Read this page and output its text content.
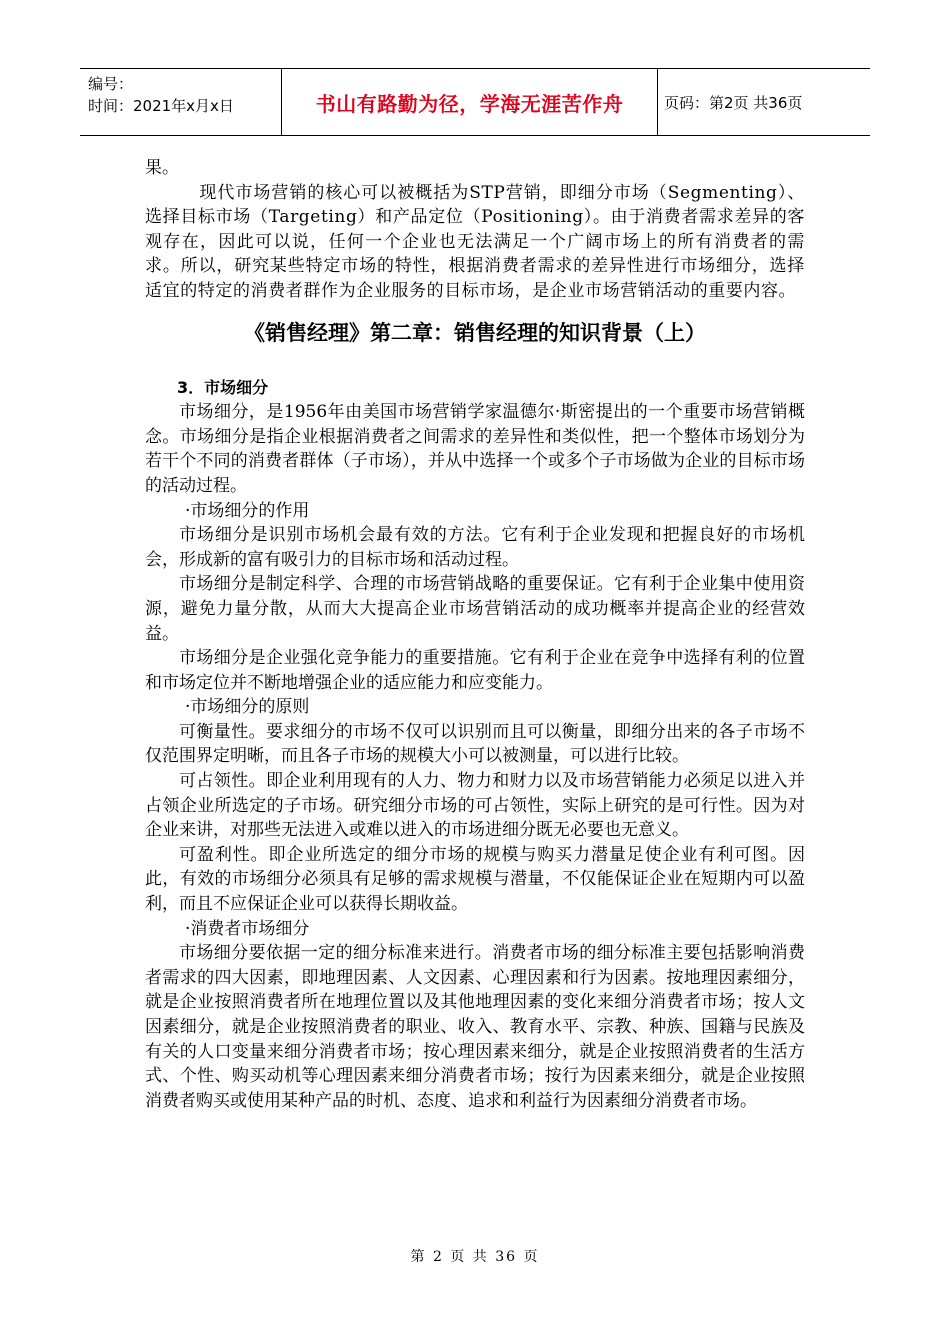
编号：
时间：2021年x月x日	书山有路勤为径，学海无涯苦作舟	页码：第2页 共36页

果。

现代市场营销的核心可以被概括为STP营销，即细分市场（Segmenting）、选择目标市场（Targeting）和产品定位（Positioning）。由于消费者需求差异的客观存在，因此可以说，任何一个企业也无法满足一个广阔市场上的所有消费者的需求。所以，研究某些特定市场的特性，根据消费者需求的差异性进行市场细分，选择适宜的特定的消费者群作为企业服务的目标市场，是企业市场营销活动的重要内容。

《销售经理》第二章：销售经理的知识背景（上）

3．市场细分

市场细分，是1956年由美国市场营销学家温德尔·斯密提出的一个重要市场营销概念。市场细分是指企业根据消费者之间需求的差异性和类似性，把一个整体市场划分为若干个不同的消费者群体（子市场），并从中选择一个或多个子市场做为企业的目标市场的活动过程。

·市场细分的作用

市场细分是识别市场机会最有效的方法。它有利于企业发现和把握良好的市场机会，形成新的富有吸引力的目标市场和活动过程。

市场细分是制定科学、合理的市场营销战略的重要保证。它有利于企业集中使用资源，避免力量分散，从而大大提高企业市场营销活动的成功概率并提高企业的经营效益。

市场细分是企业强化竞争能力的重要措施。它有利于企业在竞争中选择有利的位置和市场定位并不断地增强企业的适应能力和应变能力。

·市场细分的原则

可衡量性。要求细分的市场不仅可以识别而且可以衡量，即细分出来的各子市场不仅范围界定明晰，而且各子市场的规模大小可以被测量，可以进行比较。

可占领性。即企业利用现有的人力、物力和财力以及市场营销能力必须足以进入并占领企业所选定的子市场。研究细分市场的可占领性，实际上研究的是可行性。因为对企业来讲，对那些无法进入或难以进入的市场进细分既无必要也无意义。

可盈利性。即企业所选定的细分市场的规模与购买力潜量足使企业有利可图。因此，有效的市场细分必须具有足够的需求规模与潜量，不仅能保证企业在短期内可以盈利，而且不应保证企业可以获得长期收益。

·消费者市场细分

市场细分要依据一定的细分标准来进行。消费者市场的细分标准主要包括影响消费者需求的四大因素，即地理因素、人文因素、心理因素和行为因素。按地理因素细分，就是企业按照消费者所在地理位置以及其他地理因素的变化来细分消费者市场；按人文因素细分，就是企业按照消费者的职业、收入、教育水平、宗教、种族、国籍与民族及有关的人口变量来细分消费者市场；按心理因素来细分，就是企业按照消费者的生活方式、个性、购买动机等心理因素来细分消费者市场；按行为因素来细分，就是企业按照消费者购买或使用某种产品的时机、态度、追求和利益行为因素细分消费者市场。

第 2 页 共 36 页
